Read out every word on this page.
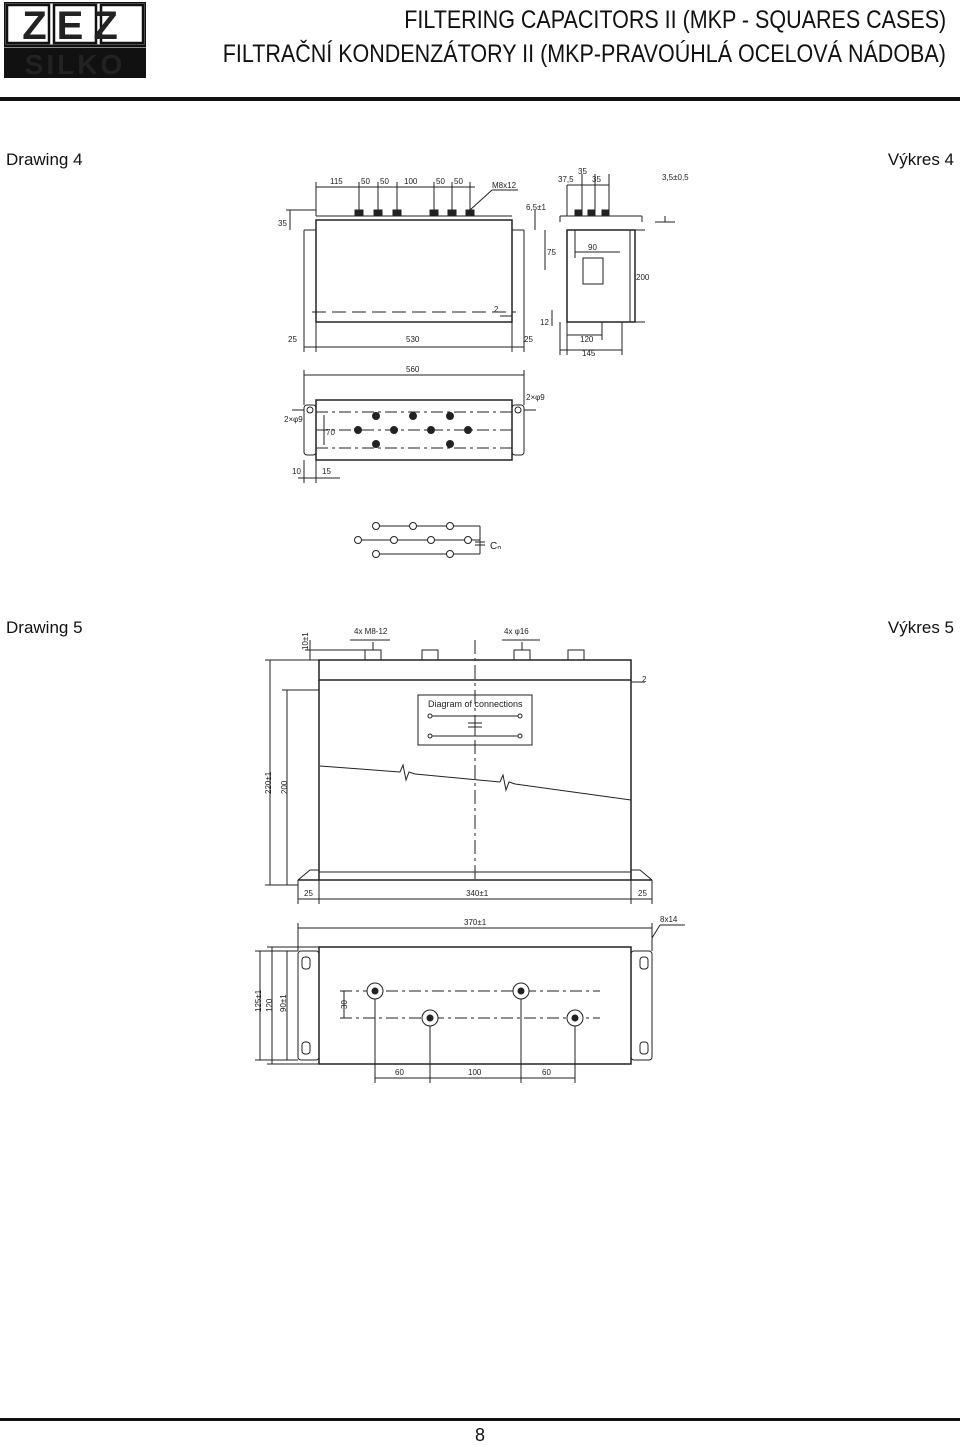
ZEZ
SILKO
FILTERING CAPACITORS II (MKP - SQUARES CASES)
FILTRAČNÍ KONDENZÁTORY II (MKP-PRAVOÚHLÁ OCELOVÁ NÁDOBA)
Drawing 4	Výkres 4
115 50 50 100 50 50	M8x12
35
25	530	25
2
37,5
35
35	3,5±0,5
6,5±1
75
90
200
12
120
145
560
2×φ9
2×φ9
70
10	15
Cₙ
Drawing 5	Výkres 5
10±1
4x M8-12	4x φ16
2
Diagram of connections
220±1 200
25	340±1	25
370±1	8x14
125±1 120 90±1	30
60	100	60
8
